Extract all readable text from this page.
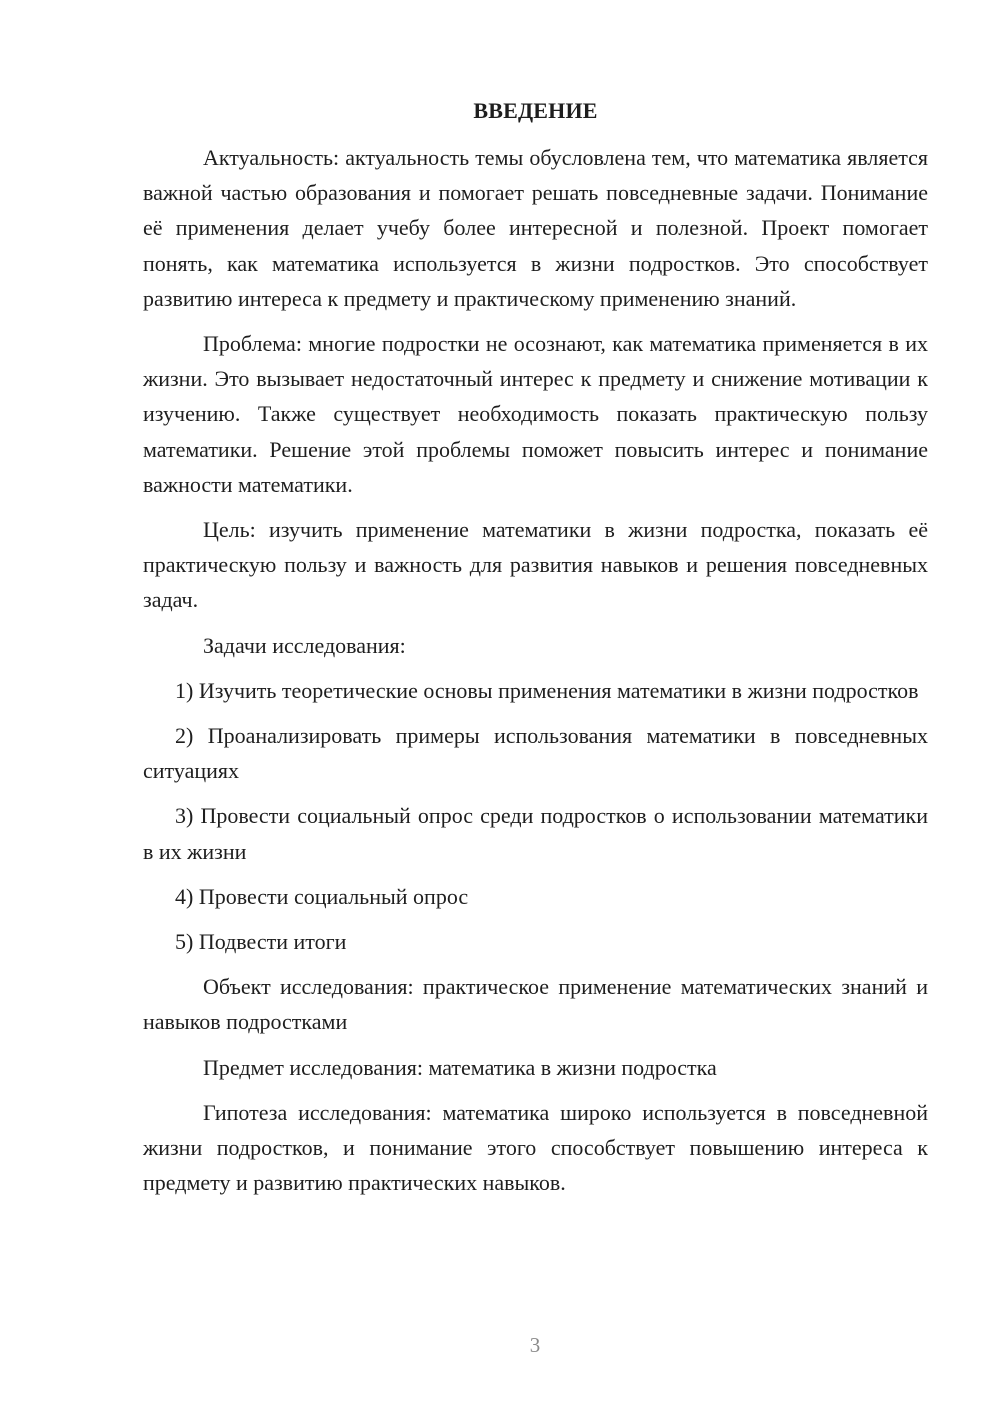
ВВЕДЕНИЕ

Актуальность: актуальность темы обусловлена тем, что математика является важной частью образования и помогает решать повседневные задачи. Понимание её применения делает учебу более интересной и полезной. Проект помогает понять, как математика используется в жизни подростков. Это способствует развитию интереса к предмету и практическому применению знаний.

Проблема: многие подростки не осознают, как математика применяется в их жизни. Это вызывает недостаточный интерес к предмету и снижение мотивации к изучению. Также существует необходимость показать практическую пользу математики. Решение этой проблемы поможет повысить интерес и понимание важности математики.

Цель: изучить применение математики в жизни подростка, показать её практическую пользу и важность для развития навыков и решения повседневных задач.

Задачи исследования:

1) Изучить теоретические основы применения математики в жизни подростков

2) Проанализировать примеры использования математики в повседневных ситуациях

3) Провести социальный опрос среди подростков о использовании математики в их жизни

4) Провести социальный опрос

5) Подвести итоги

Объект исследования: практическое применение математических знаний и навыков подростками

Предмет исследования: математика в жизни подростка

Гипотеза исследования: математика широко используется в повседневной жизни подростков, и понимание этого способствует повышению интереса к предмету и развитию практических навыков.

3
